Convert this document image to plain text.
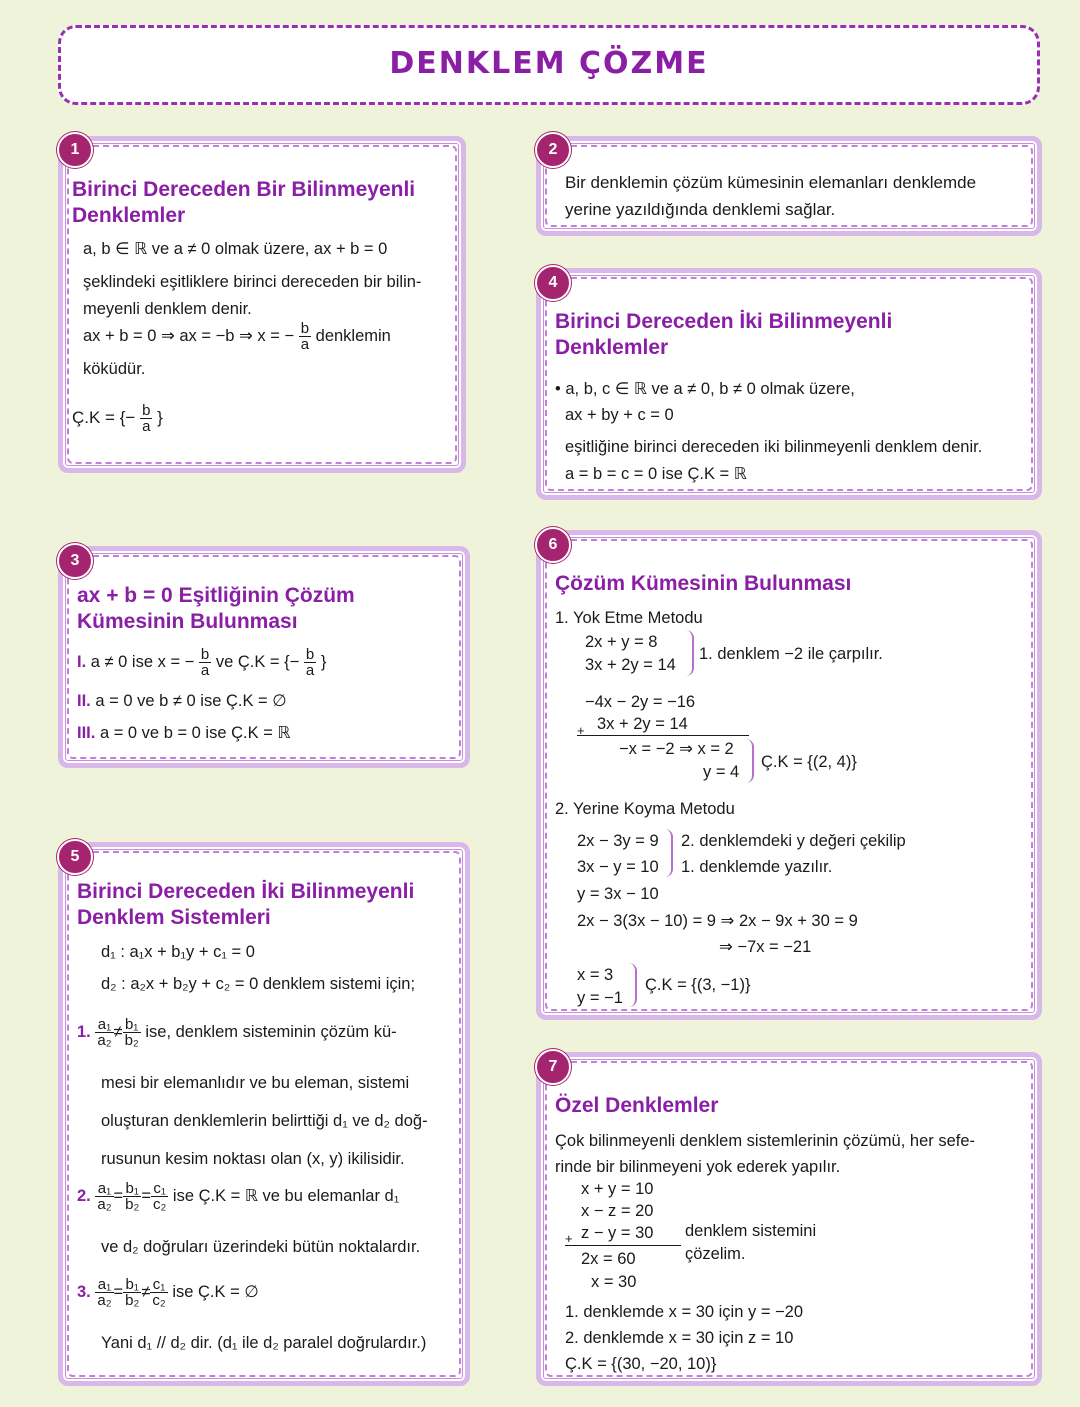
DENKLEM ÇÖZME
Birinci Dereceden Bir Bilinmeyenli
Denklemler
a, b ∈ ℝ ve a ≠ 0 olmak üzere, ax + b = 0
şeklindeki eşitliklere birinci dereceden bir bilin-
meyenli denklem denir.
ax + b = 0 ⇒ ax = −b ⇒ x = − $\frac{b}{a}$ denklemin
köküdür.
Ç.K = {− $\frac{b}{a}$ }
1
Bir denklemin çözüm kümesinin elemanları denklemde
yerine yazıldığında denklemi sağlar.
2
Birinci Dereceden İki Bilinmeyenli
Denklemler
• a, b, c ∈ ℝ ve a ≠ 0, b ≠ 0 olmak üzere,
ax + by + c = 0
eşitliğine birinci dereceden iki bilinmeyenli denklem denir.
a = b = c = 0 ise Ç.K = ℝ
4
ax + b = 0 Eşitliğinin Çözüm
Kümesinin Bulunması
I. a ≠ 0 ise x = − $\frac{b}{a}$ ve Ç.K = {− $\frac{b}{a}$ }
II. a = 0 ve b ≠ 0 ise Ç.K = ∅
III. a = 0 ve b = 0 ise Ç.K = ℝ
3
Çözüm Kümesinin Bulunması
1. Yok Etme Metodu
2x + y = 8
3x + 2y = 14
1. denklem −2 ile çarpılır.
−4x − 2y = −16
+ 3x + 2y = 14
−x = −2 ⇒ x = 2
y = 4
Ç.K = {(2, 4)}
2. Yerine Koyma Metodu
2x − 3y = 9
3x − y = 10
2. denklemdeki y değeri çekilip
1. denklemde yazılır.
y = 3x − 10
2x − 3(3x − 10) = 9 ⇒ 2x − 9x + 30 = 9
⇒ −7x = −21
x = 3
y = −1
Ç.K = {(3, −1)}
6
Birinci Dereceden İki Bilinmeyenli
Denklem Sistemleri
d₁ : a₁x + b₁y + c₁ = 0
d₂ : a₂x + b₂y + c₂ = 0 denklem sistemi için;
1. $\frac{\text{a₁}}{\text{a₂}} \ne \frac{\text{b₁}}{\text{b₂}}$ ise, denklem sisteminin çözüm kü-
mesi bir elemanlıdır ve bu eleman, sistemi
oluşturan denklemlerin belirttiği d₁ ve d₂ doğ-
rusunun kesim noktası olan (x, y) ikilisidir.
2. $\frac{\text{a₁}}{\text{a₂}} = \frac{\text{b₁}}{\text{b₂}} = \frac{\text{c₁}}{\text{c₂}}$ ise Ç.K = ℝ ve bu elemanlar d₁
ve d₂ doğruları üzerindeki bütün noktalardır.
3. $\frac{\text{a₁}}{\text{a₂}} = \frac{\text{b₁}}{\text{b₂}} \ne \frac{\text{c₁}}{\text{c₂}}$ ise Ç.K = ∅
Yani d₁ // d₂ dir. (d₁ ile d₂ paralel doğrulardır.)
5
Özel Denklemler
Çok bilinmeyenli denklem sistemlerinin çözümü, her sefe-
rinde bir bilinmeyeni yok ederek yapılır.
x + y = 10
x − z = 20
+ z − y = 30 denklem sistemini
çözelim.
2x = 60
x = 30
1. denklemde x = 30 için y = −20
2. denklemde x = 30 için z = 10
Ç.K = {(30, −20, 10)}
7
